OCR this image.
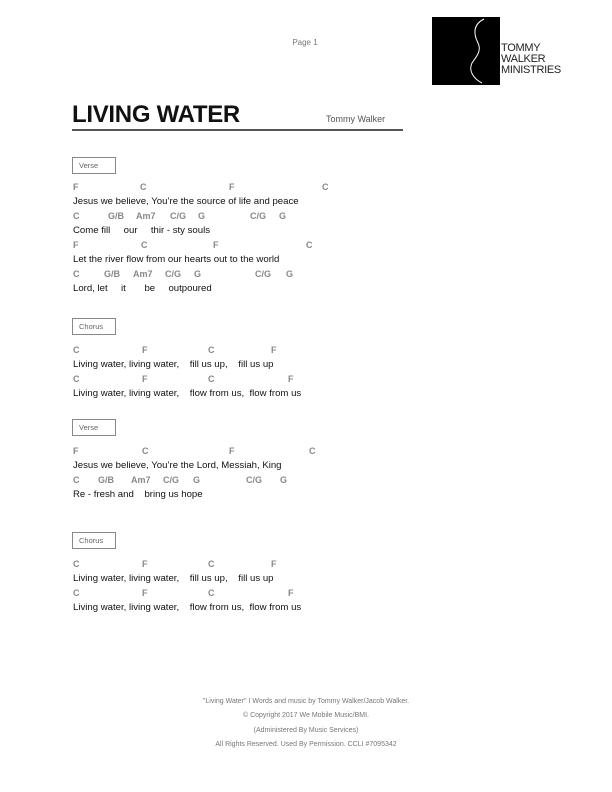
Page 1	TOMMY
WALKER
MINISTRIES
LIVING WATER	Tommy Walker
Verse
F	C	F	C
Jesus we believe, You’re the source of life and peace
C	G/B Am7 C/G G	C/G G
Come fill     our     thir - sty souls
F	C	F	C
Let the river flow from our hearts out to the world
C	G/B Am7 C/G G	C/G G
Lord, let     it       be     outpoured
Chorus
C	F	C	F
Living water, living water,    fill us up,    fill us up
C	F	C	F
Living water, living water,    flow from us,  flow from us
Verse
F	C	F	C
Jesus we believe, You’re the Lord, Messiah, King
C G/B Am7 C/G G	C/G G
Re - fresh and    bring us hope
Chorus
C	F	C	F
Living water, living water,    fill us up,    fill us up
C	F	C	F
Living water, living water,    flow from us,  flow from us
"Living Water" I Words and music by Tommy Walker/Jacob Walker.
© Copyright 2017 We Mobile Music/BMI.
(Administered By Music Services)
All Rights Reserved. Used By Permission. CCLI #7095342
